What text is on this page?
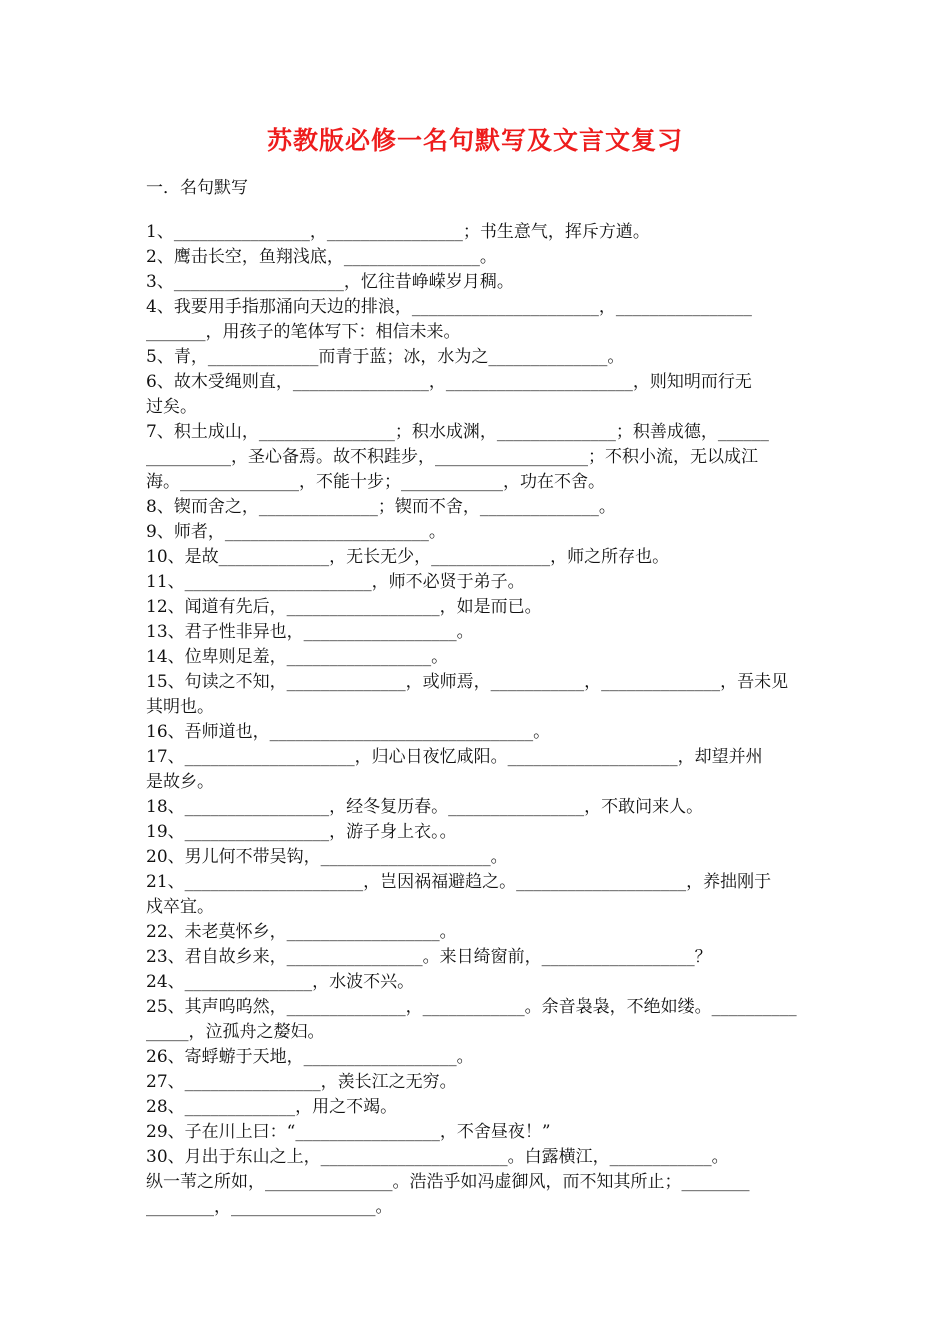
苏教版必修一名句默写及文言文复习
一．名句默写
1、________________，________________；书生意气，挥斥方遒。
2、鹰击长空，鱼翔浅底，________________。
3、____________________，忆往昔峥嵘岁月稠。
4、我要用手指那涌向天边的排浪，______________________，________________
_______，用孩子的笔体写下：相信未来。
5、青，_____________而青于蓝；冰，水为之______________。
6、故木受绳则直，________________，______________________，则知明而行无
过矣。
7、积土成山，________________；积水成渊，______________；积善成德，______
__________，圣心备焉。故不积跬步，__________________；不积小流，无以成江
海。______________，不能十步；____________，功在不舍。
8、锲而舍之，______________；锲而不舍，______________。
9、师者，________________________。
10、是故_____________，无长无少，______________，师之所存也。
11、______________________，师不必贤于弟子。
12、闻道有先后，__________________，如是而已。
13、君子性非异也，__________________。
14、位卑则足羞，_________________。
15、句读之不知，______________，或师焉，___________，______________，吾未见
其明也。
16、吾师道也，_______________________________。
17、____________________，归心日夜忆咸阳。____________________，却望并州
是故乡。
18、_________________，经冬复历春。________________，不敢问来人。
19、_________________，游子身上衣。。
20、男儿何不带吴钩，____________________。
21、_____________________，岂因祸福避趋之。____________________，养拙刚于
戍卒宜。
22、未老莫怀乡，__________________。
23、君自故乡来，________________。来日绮窗前，__________________？
24、_______________，水波不兴。
25、其声呜呜然，______________，____________。余音袅袅，不绝如缕。__________
_____，泣孤舟之嫠妇。
26、寄蜉蝣于天地，__________________。
27、________________，羡长江之无穷。
28、_____________，用之不竭。
29、子在川上曰：“_________________，不舍昼夜！”
30、月出于东山之上，______________________。白露横江，____________。
纵一苇之所如，_______________。浩浩乎如冯虚御风，而不知其所止；________
________，_________________。
